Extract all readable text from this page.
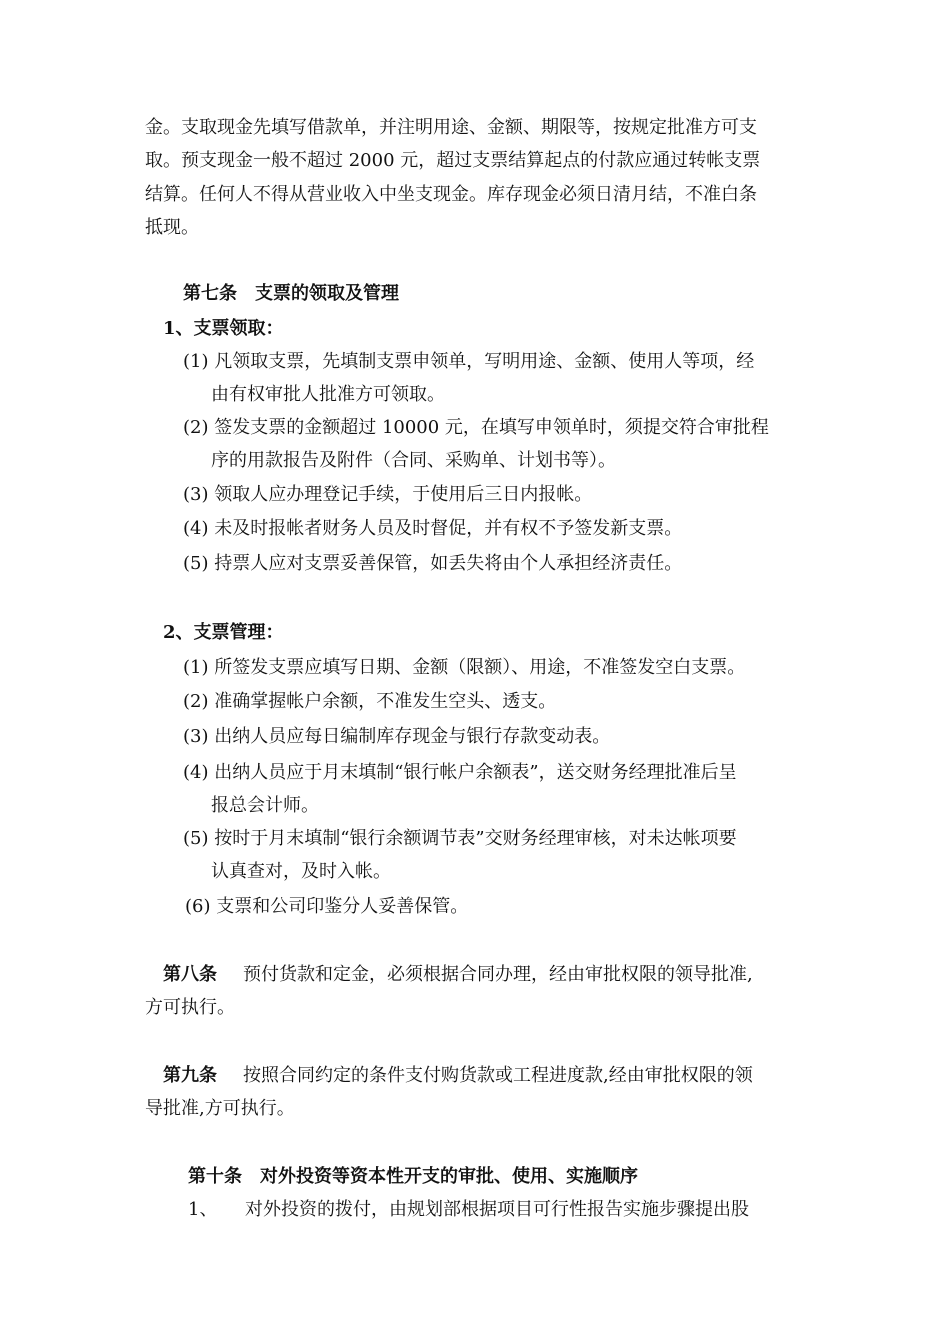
金。支取现金先填写借款单，并注明用途、金额、期限等，按规定批准方可支
取。预支现金一般不超过 2000 元，超过支票结算起点的付款应通过转帐支票
结算。任何人不得从营业收入中坐支现金。库存现金必须日清月结，不准白条
抵现。
第七条　支票的领取及管理
1、支票领取：
(1) 凡领取支票，先填制支票申领单，写明用途、金额、使用人等项，经
由有权审批人批准方可领取。
(2) 签发支票的金额超过 10000 元，在填写申领单时，须提交符合审批程
序的用款报告及附件（合同、采购单、计划书等）。
(3) 领取人应办理登记手续，于使用后三日内报帐。
(4) 未及时报帐者财务人员及时督促，并有权不予签发新支票。
(5) 持票人应对支票妥善保管，如丢失将由个人承担经济责任。
2、支票管理：
(1) 所签发支票应填写日期、金额（限额）、用途，不准签发空白支票。
(2) 准确掌握帐户余额，不准发生空头、透支。
(3) 出纳人员应每日编制库存现金与银行存款变动表。
(4) 出纳人员应于月末填制“银行帐户余额表”，送交财务经理批准后呈
报总会计师。
(5) 按时于月末填制“银行余额调节表”交财务经理审核，对未达帐项要
认真查对，及时入帐。
(6) 支票和公司印鉴分人妥善保管。
第八条 预付货款和定金，必须根据合同办理，经由审批权限的领导批准,
方可执行。
第九条 按照合同约定的条件支付购货款或工程进度款,经由审批权限的领
导批准,方可执行。
第十条　对外投资等资本性开支的审批、使用、实施顺序
1、 对外投资的拨付，由规划部根据项目可行性报告实施步骤提出股
